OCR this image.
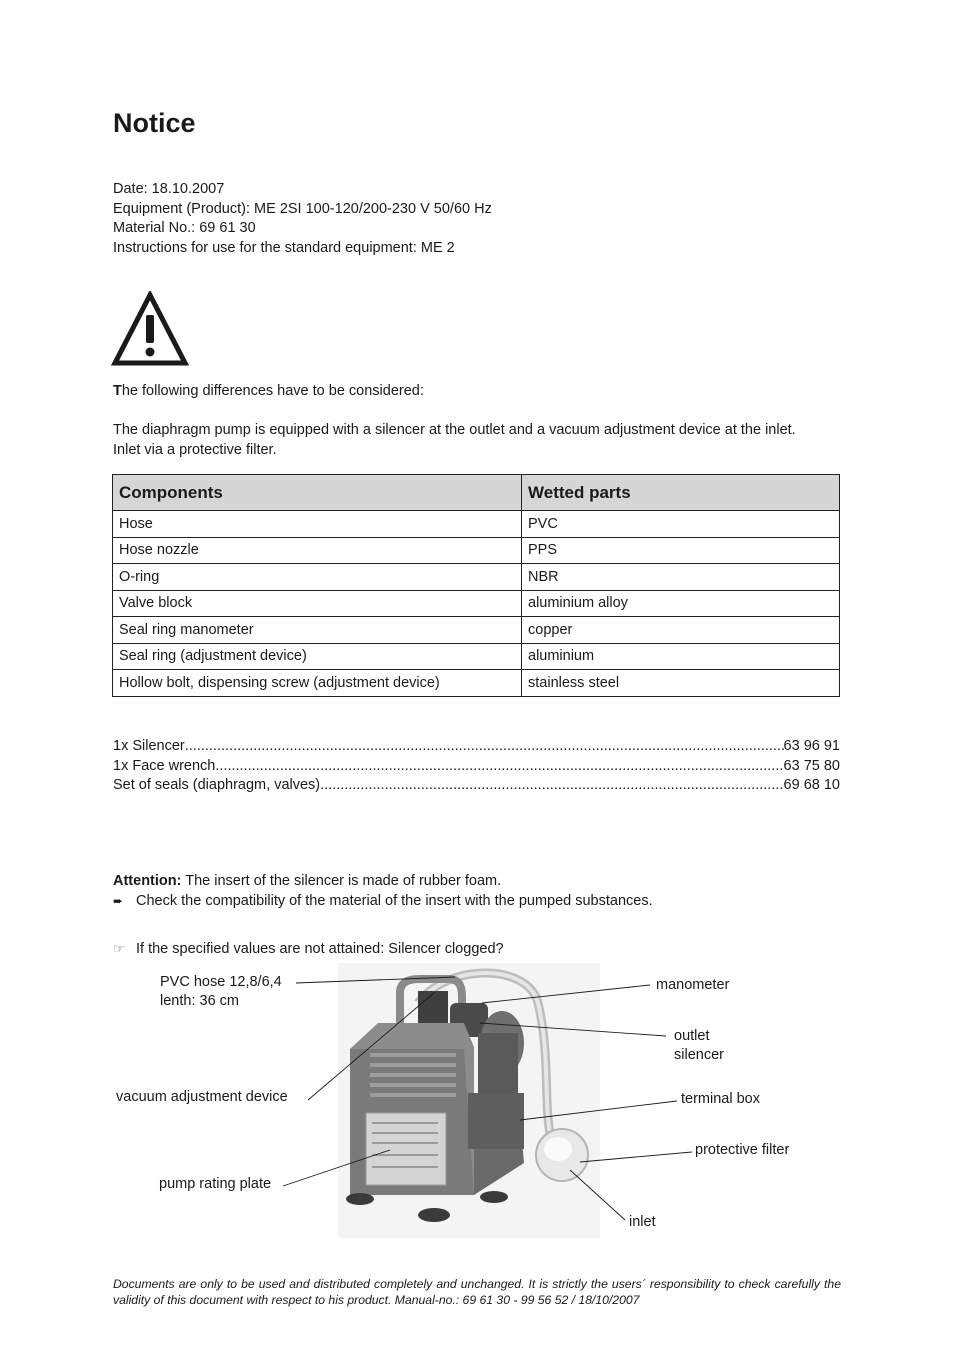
Notice
Date: 18.10.2007
Equipment (Product): ME 2SI 100-120/200-230 V 50/60 Hz
Material No.: 69 61 30
Instructions for use for the standard equipment: ME 2
The following differences have to be considered:
The diaphragm pump is equipped with a silencer at the outlet and a vacuum adjustment device at the inlet.
Inlet via a protective filter.
Components	Wetted parts
Hose	PVC
Hose nozzle	PPS
O-ring	NBR
Valve block	aluminium alloy
Seal ring manometer	copper
Seal ring (adjustment device)	aluminium
Hollow bolt, dispensing screw (adjustment device)	stainless steel
1x Silencer .....	63 96 91
1x Face wrench .....	63 75 80
Set of seals (diaphragm, valves) .....	69 68 10
Attention: The insert of the silencer is made of rubber foam.
➨ Check the compatibility of the material of the insert with the pumped substances.
☞ If the specified values are not attained: Silencer clogged?
PVC hose 12,8/6,4
lenth: 36 cm
vacuum adjustment device
pump rating plate
manometer
outlet
silencer
terminal box
protective filter
inlet
Documents are only to be used and distributed completely and unchanged. It is strictly the users´ responsibility to check carefully the validity of this document with respect to his product. Manual-no.: 69 61 30 - 99 56 52 / 18/10/2007
